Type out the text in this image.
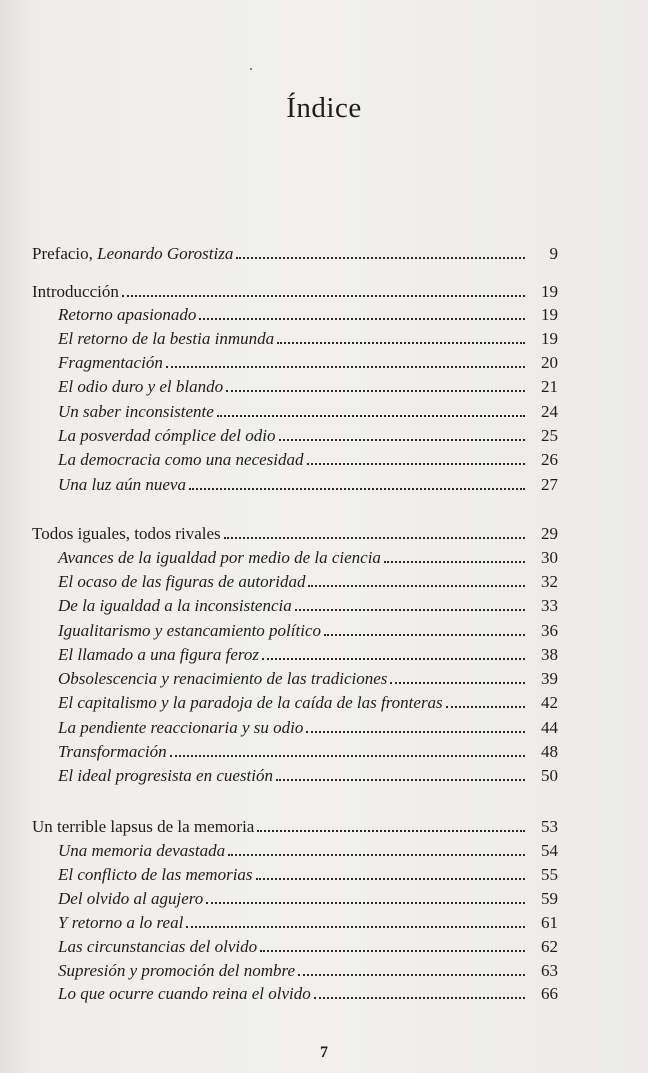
Índice
Prefacio, Leonardo Gorostiza	9
Introducción	19
Retorno apasionado	19
El retorno de la bestia inmunda	19
Fragmentación	20
El odio duro y el blando	21
Un saber inconsistente	24
La posverdad cómplice del odio	25
La democracia como una necesidad	26
Una luz aún nueva	27
Todos iguales, todos rivales	29
Avances de la igualdad por medio de la ciencia	30
El ocaso de las figuras de autoridad	32
De la igualdad a la inconsistencia	33
Igualitarismo y estancamiento político	36
El llamado a una figura feroz	38
Obsolescencia y renacimiento de las tradiciones	39
El capitalismo y la paradoja de la caída de las fronteras	42
La pendiente reaccionaria y su odio	44
Transformación	48
El ideal progresista en cuestión	50
Un terrible lapsus de la memoria	53
Una memoria devastada	54
El conflicto de las memorias	55
Del olvido al agujero	59
Y retorno a lo real	61
Las circunstancias del olvido	62
Supresión y promoción del nombre	63
Lo que ocurre cuando reina el olvido	66
7
